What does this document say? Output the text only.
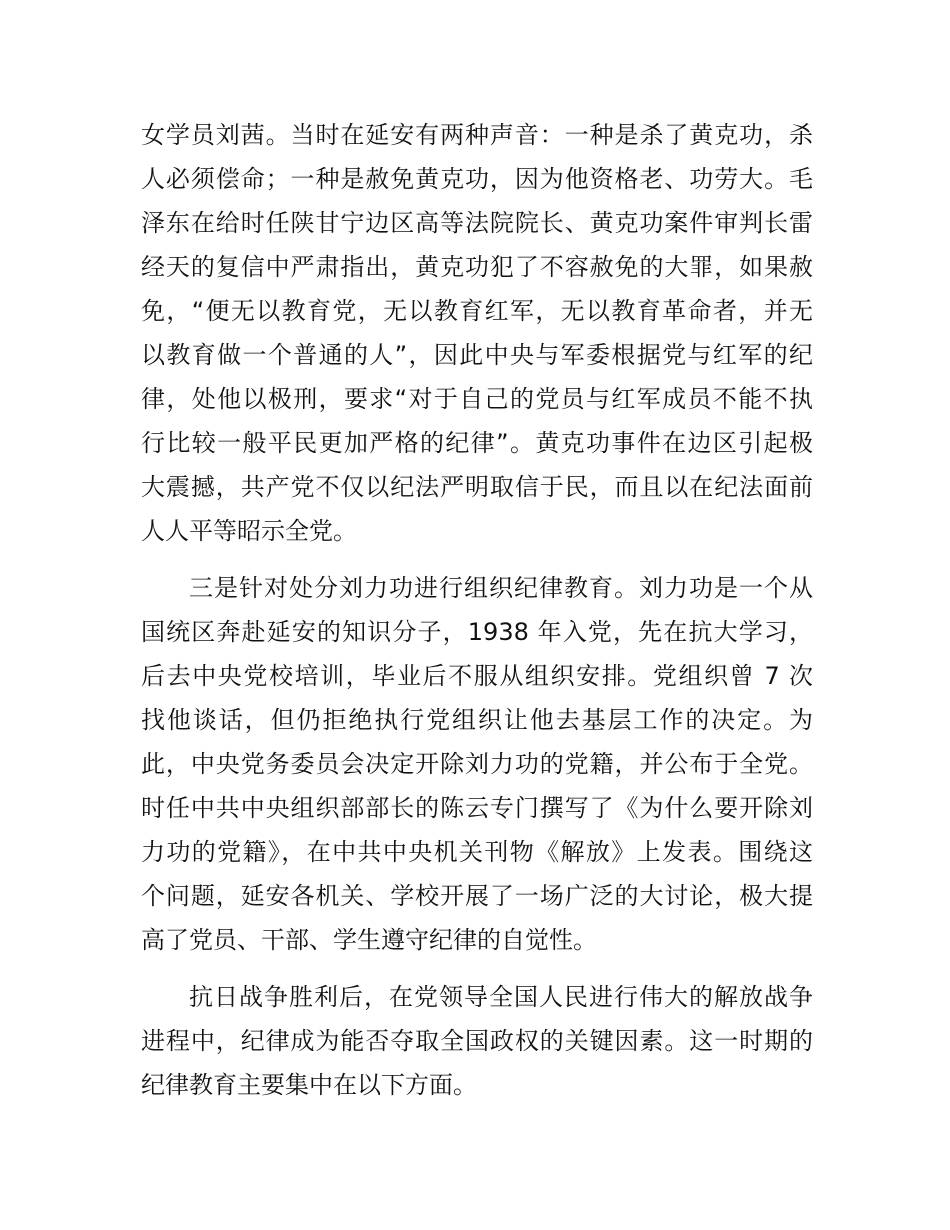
女学员刘茜。当时在延安有两种声音：一种是杀了黄克功，杀
人必须偿命；一种是赦免黄克功，因为他资格老、功劳大。毛
泽东在给时任陕甘宁边区高等法院院长、黄克功案件审判长雷
经天的复信中严肃指出，黄克功犯了不容赦免的大罪，如果赦
免，“便无以教育党，无以教育红军，无以教育革命者，并无
以教育做一个普通的人”，因此中央与军委根据党与红军的纪
律，处他以极刑，要求“对于自己的党员与红军成员不能不执
行比较一般平民更加严格的纪律”。黄克功事件在边区引起极
大震撼，共产党不仅以纪法严明取信于民，而且以在纪法面前
人人平等昭示全党。
三是针对处分刘力功进行组织纪律教育。刘力功是一个从
国统区奔赴延安的知识分子，1938 年入党，先在抗大学习，
后去中央党校培训，毕业后不服从组织安排。党组织曾 7 次
找他谈话，但仍拒绝执行党组织让他去基层工作的决定。为
此，中央党务委员会决定开除刘力功的党籍，并公布于全党。
时任中共中央组织部部长的陈云专门撰写了《为什么要开除刘
力功的党籍》，在中共中央机关刊物《解放》上发表。围绕这
个问题，延安各机关、学校开展了一场广泛的大讨论，极大提
高了党员、干部、学生遵守纪律的自觉性。
抗日战争胜利后，在党领导全国人民进行伟大的解放战争
进程中，纪律成为能否夺取全国政权的关键因素。这一时期的
纪律教育主要集中在以下方面。
